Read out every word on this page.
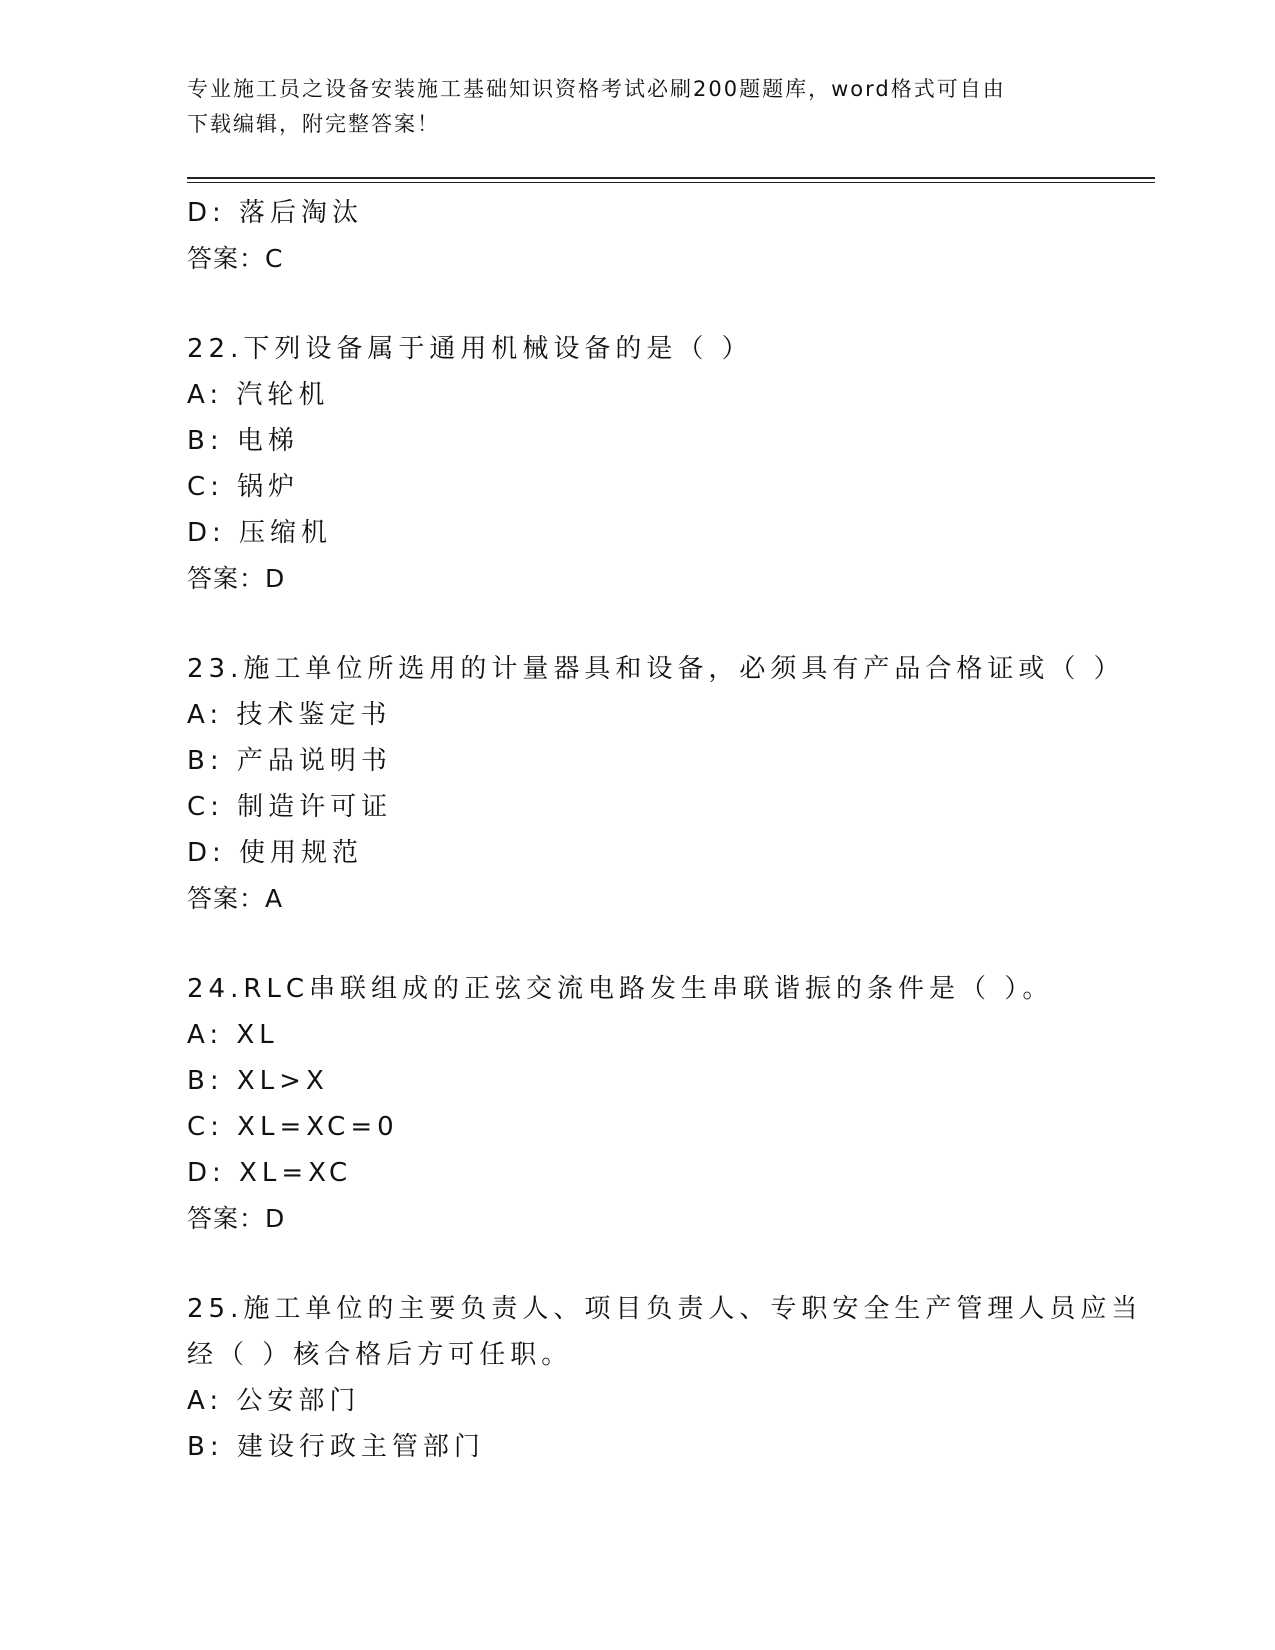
专业施工员之设备安装施工基础知识资格考试必刷200题题库，word格式可自由
下载编辑，附完整答案！
D: 落后淘汰
答案：C
22.下列设备属于通用机械设备的是（ ）
A: 汽轮机
B: 电梯
C: 锅炉
D: 压缩机
答案：D
23.施工单位所选用的计量器具和设备，必须具有产品合格证或（ ）
A: 技术鉴定书
B: 产品说明书
C: 制造许可证
D: 使用规范
答案：A
24.RLC串联组成的正弦交流电路发生串联谐振的条件是（ ）。
A: XL
B: XL>X
C: XL=XC=0
D: XL=XC
答案：D
25.施工单位的主要负责人、项目负责人、专职安全生产管理人员应当
经（ ）核合格后方可任职。
A: 公安部门
B: 建设行政主管部门
